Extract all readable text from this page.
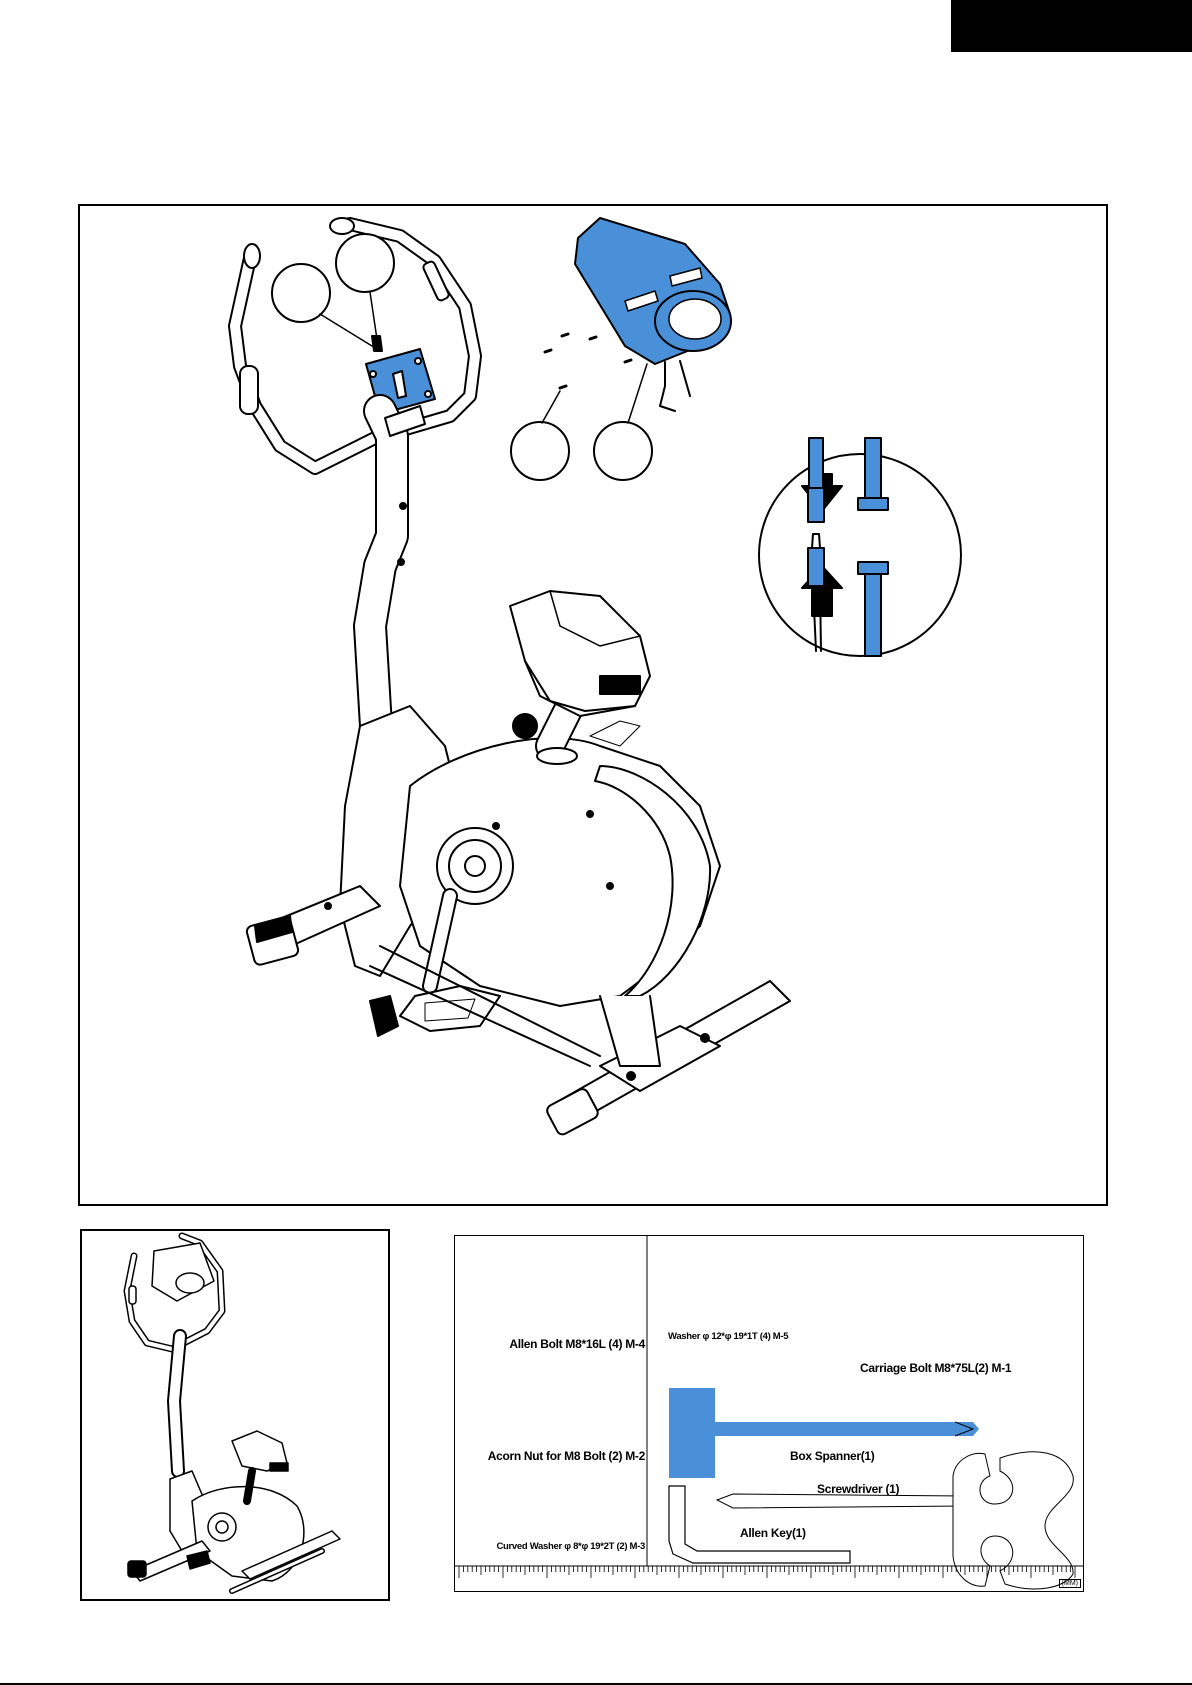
Allen Bolt M8*16L (4) M-4
Acorn Nut for M8 Bolt (2) M-2
Curved Washer φ 8*φ 19*2T (2) M-3
Washer φ 12*φ 19*1T (4) M-5
Carriage Bolt M8*75L(2) M-1
Box Spanner(1)
Screwdriver (1)
Allen Key(1)
(MM)
